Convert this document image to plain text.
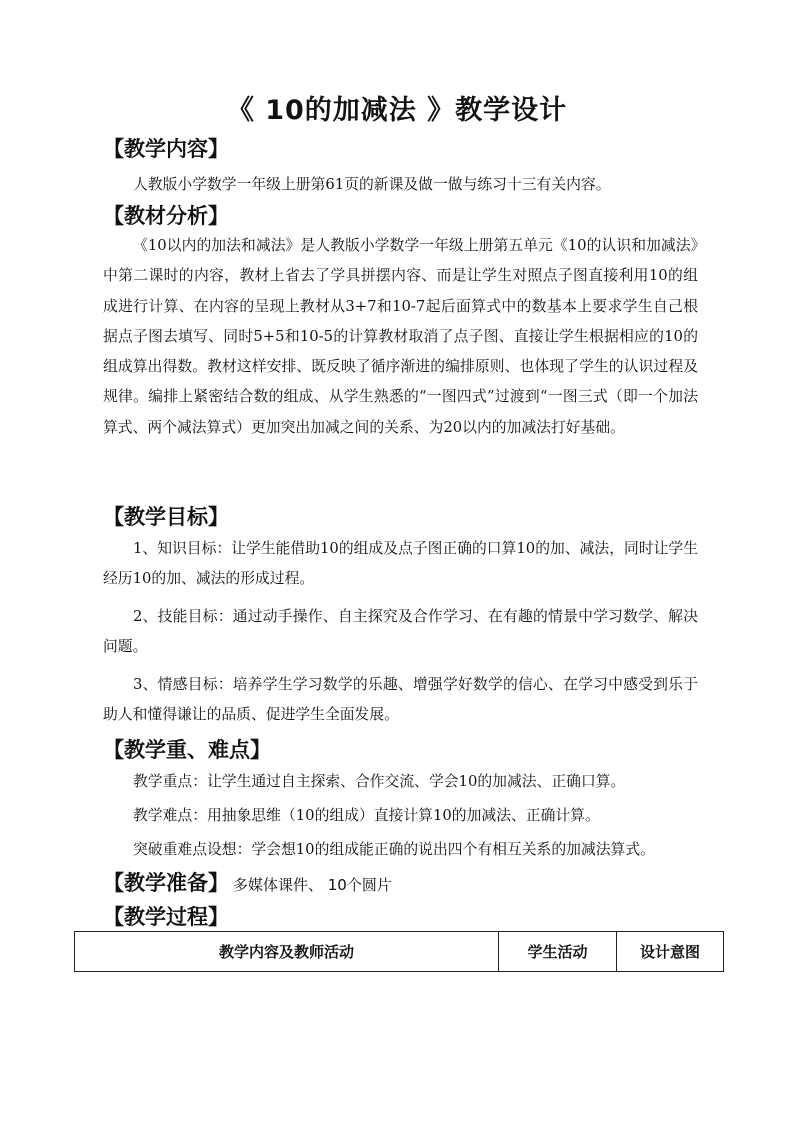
《 10的加减法 》教学设计
【教学内容】

人教版小学数学一年级上册第61页的新课及做一做与练习十三有关内容。

【教材分析】

《10以内的加法和减法》是人教版小学数学一年级上册第五单元《10的认识和加减法》中第二课时的内容，教材上省去了学具拼摆内容、而是让学生对照点子图直接利用10的组成进行计算、在内容的呈现上教材从3+7和10-7起后面算式中的数基本上要求学生自己根据点子图去填写、同时5+5和10-5的计算教材取消了点子图、直接让学生根据相应的10的组成算出得数。教材这样安排、既反映了循序渐进的编排原则、也体现了学生的认识过程及规律。编排上紧密结合数的组成、从学生熟悉的“一图四式”过渡到“一图三式（即一个加法算式、两个减法算式）更加突出加减之间的关系、为20以内的加减法打好基础。

【教学目标】

1、知识目标：让学生能借助10的组成及点子图正确的口算10的加、减法，同时让学生经历10的加、减法的形成过程。

2、技能目标：通过动手操作、自主探究及合作学习、在有趣的情景中学习数学、解决问题。

3、情感目标：培养学生学习数学的乐趣、增强学好数学的信心、在学习中感受到乐于助人和懂得谦让的品质、促进学生全面发展。

【教学重、难点】

教学重点：让学生通过自主探索、合作交流、学会10的加减法、正确口算。

教学难点：用抽象思维（10的组成）直接计算10的加减法、正确计算。

突破重难点设想：学会想10的组成能正确的说出四个有相互关系的加减法算式。

【教学准备】 多媒体课件、 10个圆片
【教学过程】
教学内容及教师活动	学生活动	设计意图
